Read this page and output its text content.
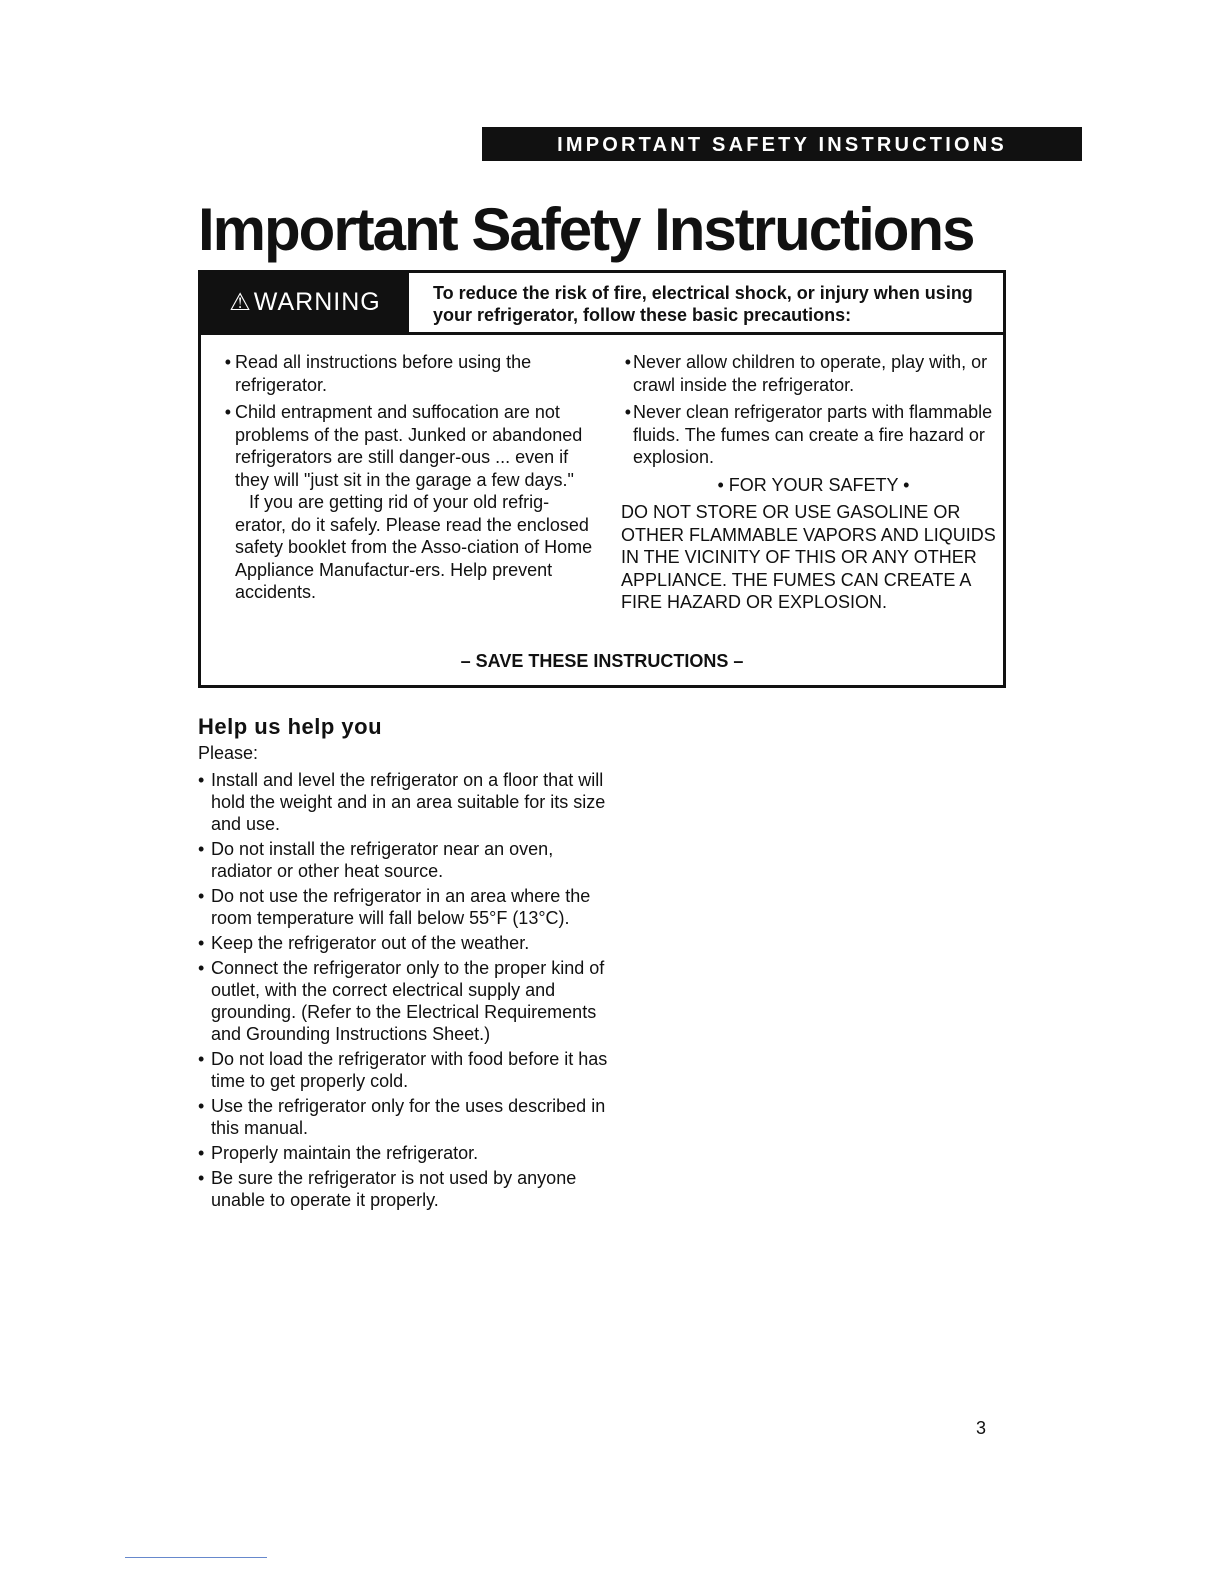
IMPORTANT SAFETY INSTRUCTIONS
Important Safety Instructions
⚠ WARNING	To reduce the risk of fire, electrical shock, or injury when using your refrigerator, follow these basic precautions:
• Read all instructions before using the refrigerator.
• Child entrapment and suffocation are not problems of the past. Junked or abandoned refrigerators are still danger-ous ... even if they will "just sit in the garage a few days."

If you are getting rid of your old refrig-erator, do it safely. Please read the enclosed safety booklet from the Asso-ciation of Home Appliance Manufactur-ers. Help prevent accidents.

• Never allow children to operate, play with, or crawl inside the refrigerator.
• Never clean refrigerator parts with flammable fluids. The fumes can create a fire hazard or explosion.
• FOR YOUR SAFETY •

DO NOT STORE OR USE GASOLINE OR OTHER FLAMMABLE VAPORS AND LIQUIDS IN THE VICINITY OF THIS OR ANY OTHER APPLIANCE. THE FUMES CAN CREATE A FIRE HAZARD OR EXPLOSION.

– SAVE THESE INSTRUCTIONS –
Help us help you

Please:

• Install and level the refrigerator on a floor that will hold the weight and in an area suitable for its size and use.
• Do not install the refrigerator near an oven, radiator or other heat source.
• Do not use the refrigerator in an area where the room temperature will fall below 55°F (13°C).
• Keep the refrigerator out of the weather.
• Connect the refrigerator only to the proper kind of outlet, with the correct electrical supply and grounding. (Refer to the Electrical Requirements and Grounding Instructions Sheet.)
• Do not load the refrigerator with food before it has time to get properly cold.
• Use the refrigerator only for the uses described in this manual.
• Properly maintain the refrigerator.
• Be sure the refrigerator is not used by anyone unable to operate it properly.
3
